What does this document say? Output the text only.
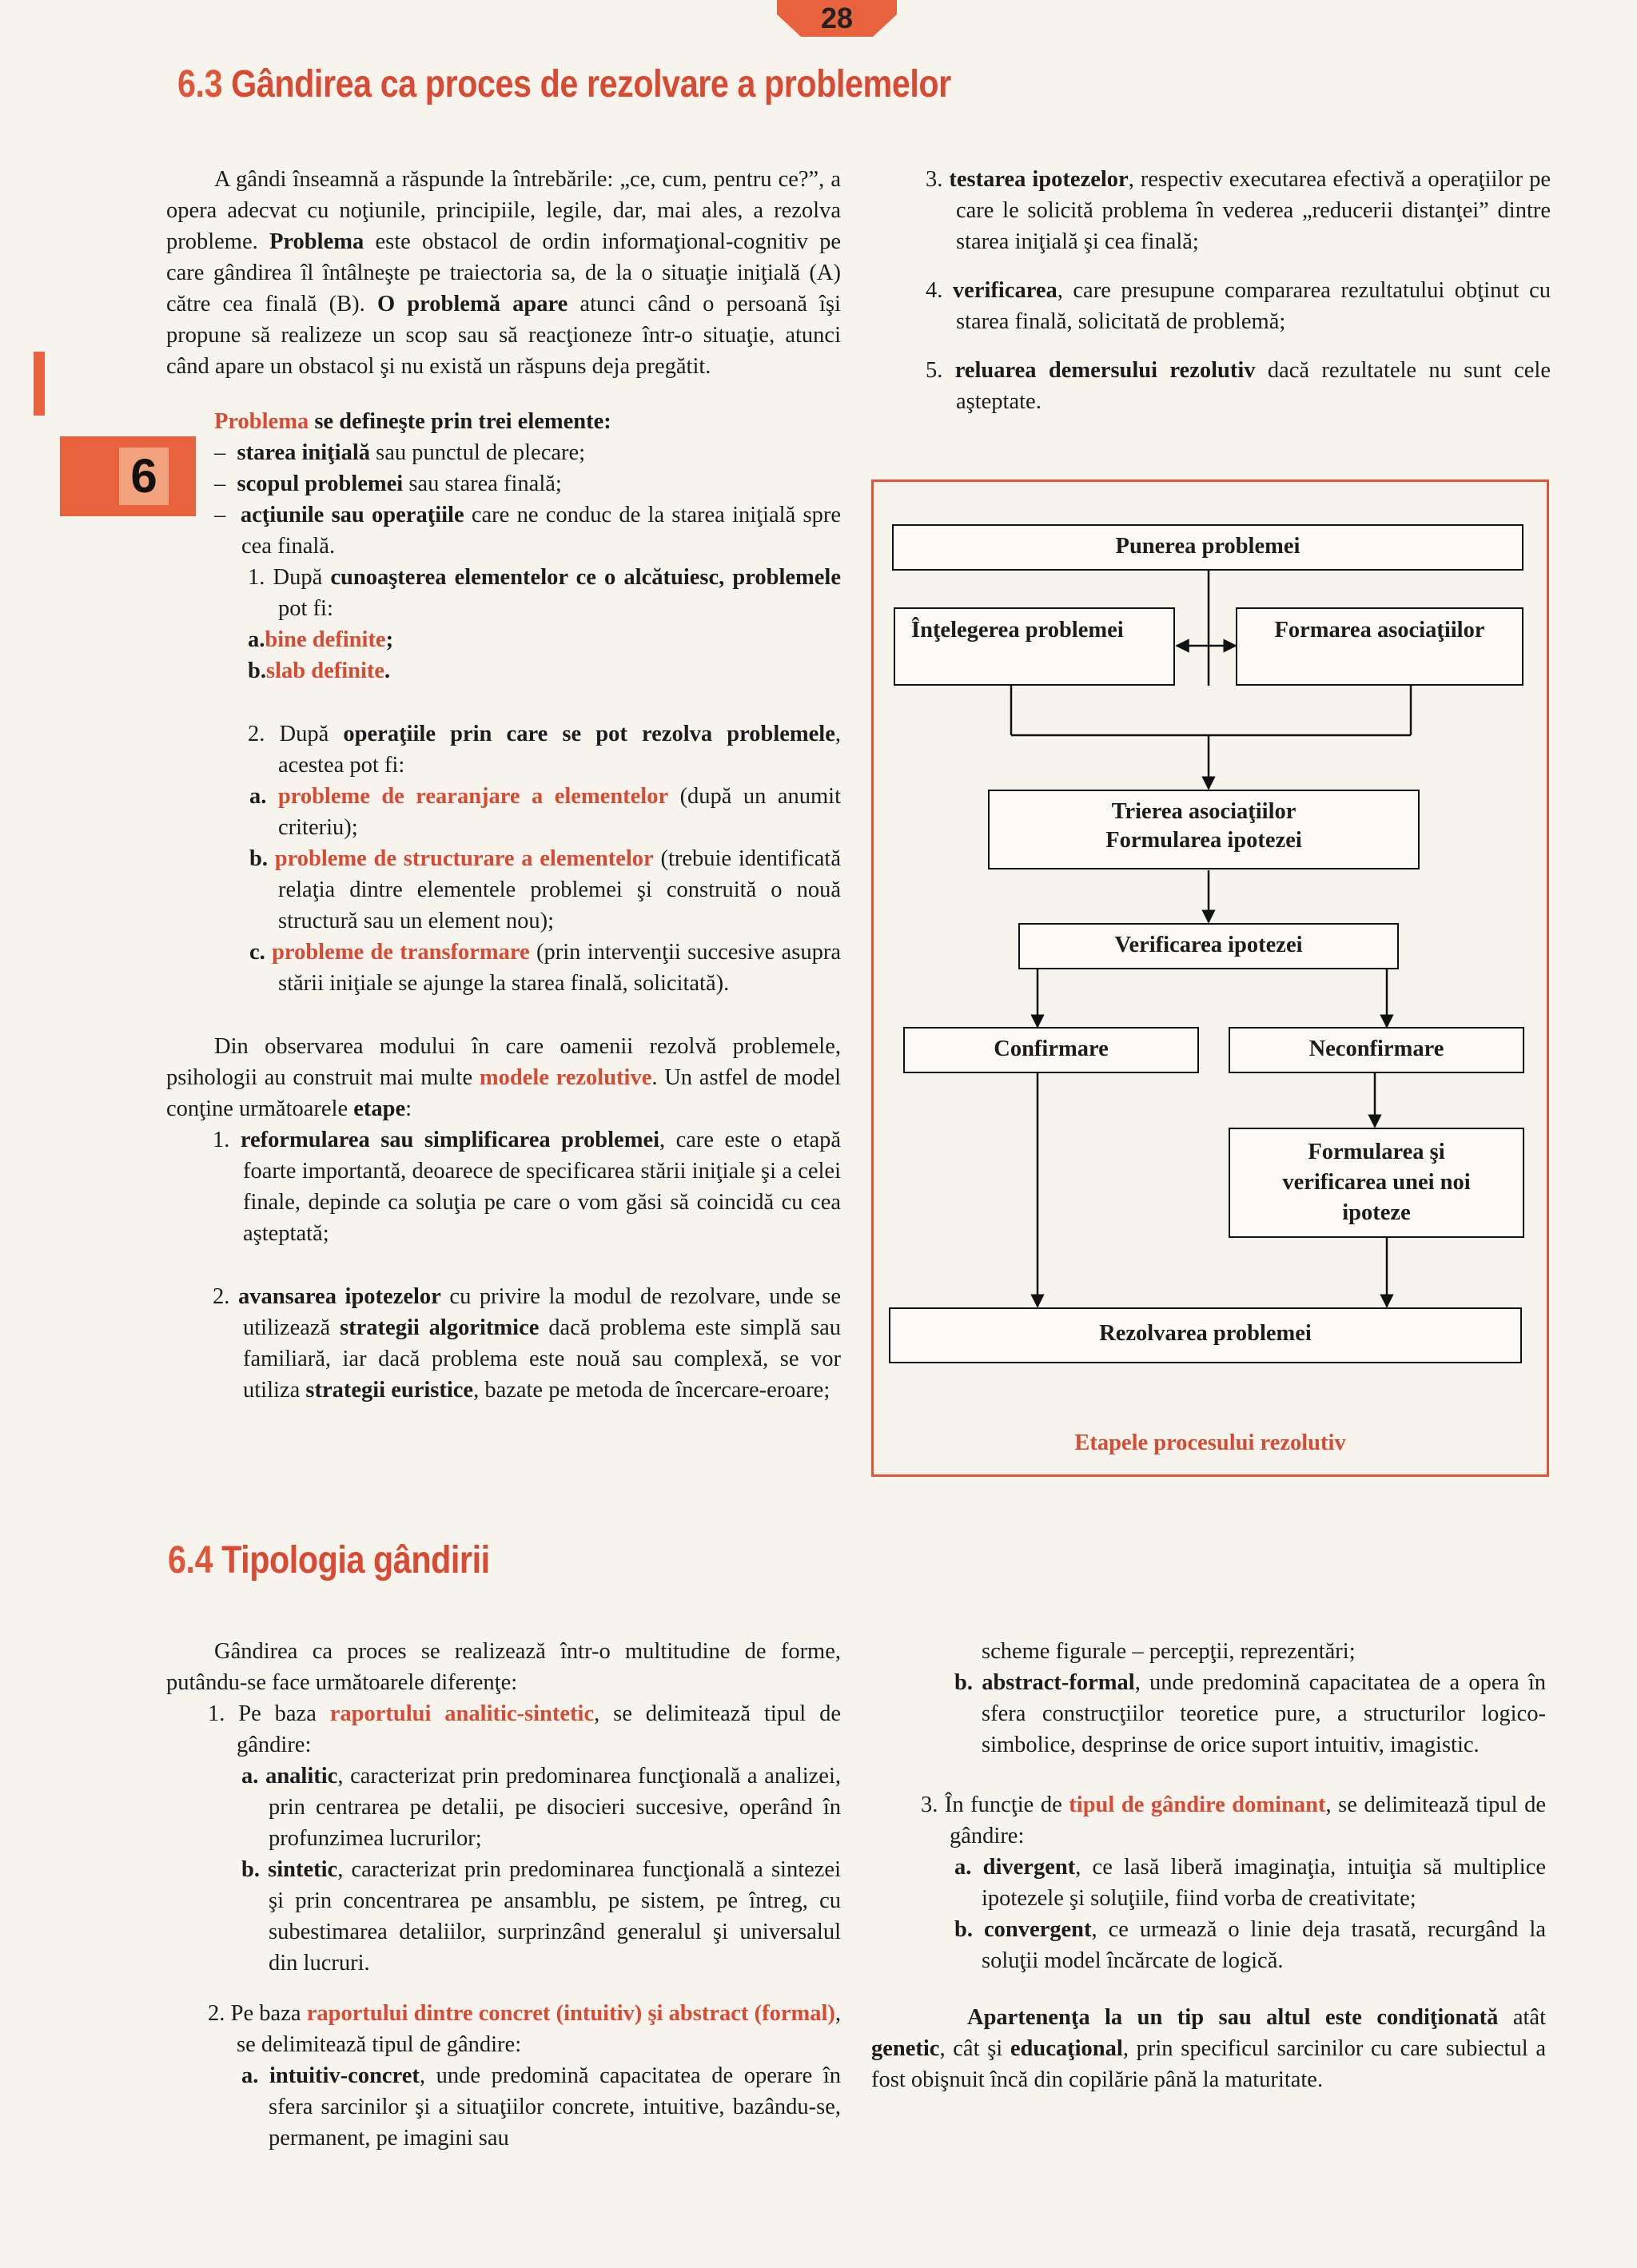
28
6.3 Gândirea ca proces de rezolvare a problemelor
6

A gândi înseamnă a răspunde la întrebările: „ce, cum, pentru ce?”, a opera adecvat cu noţiunile, principiile, legile, dar, mai ales, a rezolva probleme. Problema este obstacol de ordin informaţional-cognitiv pe care gândirea îl întâlneşte pe traiectoria sa, de la o situaţie iniţială (A) către cea finală (B). O problemă apare atunci când o persoană îşi propune să realizeze un scop sau să reacţioneze într-o situaţie, atunci când apare un obstacol şi nu există un răspuns deja pregătit.

Problema se defineşte prin trei elemente:

–  starea iniţială sau punctul de plecare;

–  scopul problemei sau starea finală;

–  acţiunile sau operaţiile care ne conduc de la starea iniţială spre cea finală.

1. După cunoaşterea elementelor ce o alcătuiesc, problemele pot fi:

a.bine definite;

b.slab definite.

2. După operaţiile prin care se pot rezolva problemele, acestea pot fi:

a. probleme de rearanjare a elementelor (după un anumit criteriu);

b. probleme de structurare a elementelor (trebuie identificată relaţia dintre elementele problemei şi construită o nouă structură sau un element nou);

c. probleme de transformare (prin intervenţii succesive asupra stării iniţiale se ajunge la starea finală, solicitată).

Din observarea modului în care oamenii rezolvă problemele, psihologii au construit mai multe modele rezolutive. Un astfel de model conţine următoarele etape:

1. reformularea sau simplificarea problemei, care este o etapă foarte importantă, deoarece de specificarea stării iniţiale şi a celei finale, depinde ca soluţia pe care o vom găsi să coincidă cu cea aşteptată;

2. avansarea ipotezelor cu privire la modul de rezolvare, unde se utilizează strategii algoritmice dacă problema este simplă sau familiară, iar dacă problema este nouă sau complexă, se vor utiliza strategii euristice, bazate pe metoda de încercare-eroare;

3. testarea ipotezelor, respectiv executarea efectivă a operaţiilor pe care le solicită problema în vederea „reducerii distanţei” dintre starea iniţială şi cea finală;

4. verificarea, care presupune compararea rezultatului obţinut cu starea finală, solicitată de problemă;

5. reluarea demersului rezolutiv dacă rezultatele nu sunt cele aşteptate.

Punerea problemei
Înţelegerea problemei	Formarea asociaţiilor
Trierea asociaţiilor
Formularea ipotezei
Verificarea ipotezei
Confirmare	Neconfirmare
Formularea şi
verificarea unei noi
ipoteze
Rezolvarea problemei
Etapele procesului rezolutiv
6.4 Tipologia gândirii

Gândirea ca proces se realizează într-o multitudine de forme, putându-se face următoarele diferenţe:

1. Pe baza raportului analitic-sintetic, se delimitează tipul de gândire:

a. analitic, caracterizat prin predominarea funcţională a analizei, prin centrarea pe detalii, pe disocieri succesive, operând în profunzimea lucrurilor;

b. sintetic, caracterizat prin predominarea funcţională a sintezei şi prin concentrarea pe ansamblu, pe sistem, pe întreg, cu subestimarea detaliilor, surprinzând generalul şi universalul din lucruri.

2. Pe baza raportului dintre concret (intuitiv) şi abstract (formal), se delimitează tipul de gândire:

a. intuitiv-concret, unde predomină capacitatea de operare în sfera sarcinilor şi a situaţiilor concrete, intuitive, bazându-se, permanent, pe imagini sau

scheme figurale – percepţii, reprezentări;

b. abstract-formal, unde predomină capacitatea de a opera în sfera construcţiilor teoretice pure, a structurilor logico-simbolice, desprinse de orice suport intuitiv, imagistic.

3. În funcţie de tipul de gândire dominant, se delimitează tipul de gândire:

a. divergent, ce lasă liberă imaginaţia, intuiţia să multiplice ipotezele şi soluţiile, fiind vorba de creativitate;

b. convergent, ce urmează o linie deja trasată, recurgând la soluţii model încărcate de logică.

Apartenenţa la un tip sau altul este condiţionată atât genetic, cât şi educaţional, prin specificul sarcinilor cu care subiectul a fost obişnuit încă din copilărie până la maturitate.
